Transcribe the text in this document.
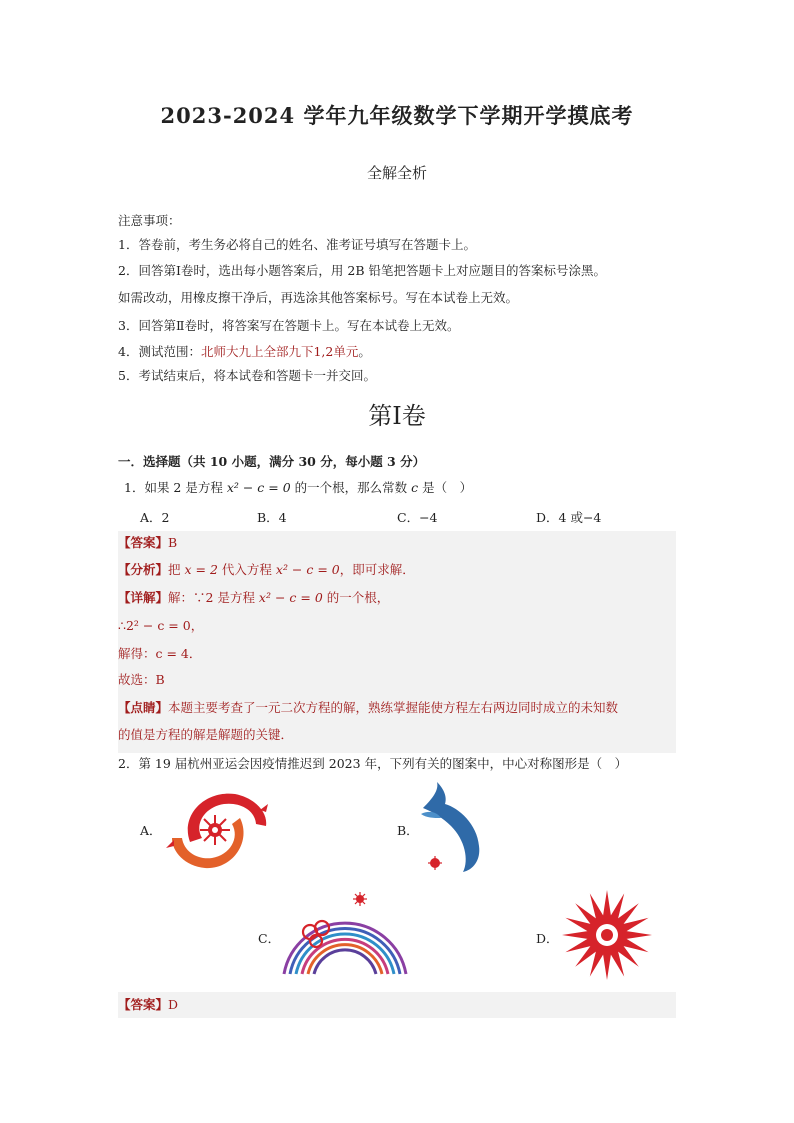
2023-2024 学年九年级数学下学期开学摸底考
全解全析
注意事项：
1．答卷前，考生务必将自己的姓名、准考证号填写在答题卡上。
2．回答第Ⅰ卷时，选出每小题答案后，用 2B 铅笔把答题卡上对应题目的答案标号涂黑。
如需改动，用橡皮擦干净后，再选涂其他答案标号。写在本试卷上无效。
3．回答第Ⅱ卷时，将答案写在答题卡上。写在本试卷上无效。
4．测试范围：北师大九上全部九下1,2单元。
5．考试结束后，将本试卷和答题卡一并交回。
第Ⅰ卷
一．选择题（共 10 小题，满分 30 分，每小题 3 分）
1．如果 2 是方程 x² − c = 0 的一个根，那么常数 c 是（　）
A．2	B．4	C．−4	D．4 或−4
【答案】B
【分析】把 x = 2 代入方程 x² − c = 0，即可求解．
【详解】解：∵2 是方程 x² − c = 0 的一个根，
∴2² − c = 0，
解得：c = 4．
故选：B
【点睛】本题主要考查了一元二次方程的解，熟练掌握能使方程左右两边同时成立的未知数
的值是方程的解是解题的关键．
2．第 19 届杭州亚运会因疫情推迟到 2023 年，下列有关的图案中，中心对称图形是（　）
A．	B．
C．	D．
【答案】D
